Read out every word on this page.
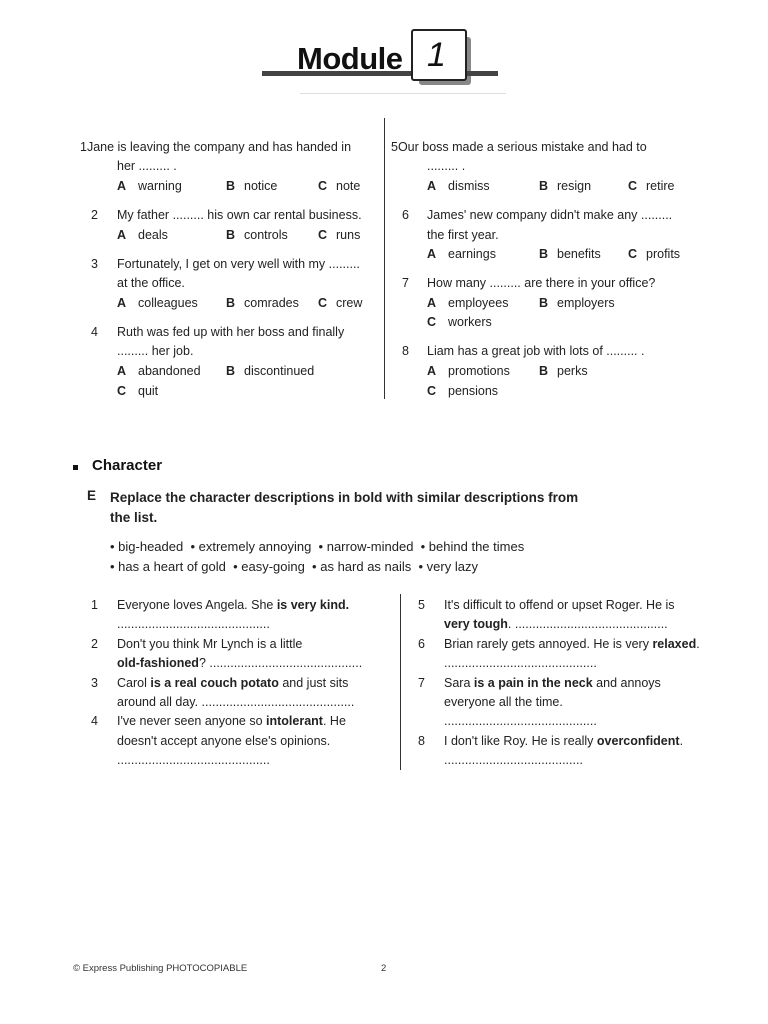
Module 1
1Jane is leaving the company and has handed in
her ......... .
A warning	B notice	C note
2 My father ......... his own car rental business.
A deals	B controls C runs
3 Fortunately, I get on very well with my .........
at the office.
A colleagues B comrades C crew
4 Ruth was fed up with her boss and finally
......... her job.
A abandoned B discontinued
C quit
5Our boss made a serious mistake and had to
......... .
A dismiss	B resign	C retire
6 James' new company didn't make any .........
the first year.
A earnings	B benefits C profits
7 How many ......... are there in your office?
A employees B employers
C workers
8 Liam has a great job with lots of ......... .
A promotions B perks
C pensions
Character
E Replace the character descriptions in bold with similar descriptions from
the list.
• big-headed  • extremely annoying  • narrow-minded  • behind the times
• has a heart of gold  • easy-going  • as hard as nails  • very lazy
1 Everyone loves Angela. She is very kind.
............................................
2 Don't you think Mr Lynch is a little
old-fashioned? ............................................
3 Carol is a real couch potato and just sits
around all day. ............................................
4 I've never seen anyone so intolerant. He
doesn't accept anyone else's opinions.
............................................
5 It's difficult to offend or upset Roger. He is
very tough. ............................................
6 Brian rarely gets annoyed. He is very relaxed.
............................................
7 Sara is a pain in the neck and annoys
everyone all the time.
............................................
8 I don't like Roy. He is really overconfident.
........................................
© Express Publishing PHOTOCOPIABLE	2
